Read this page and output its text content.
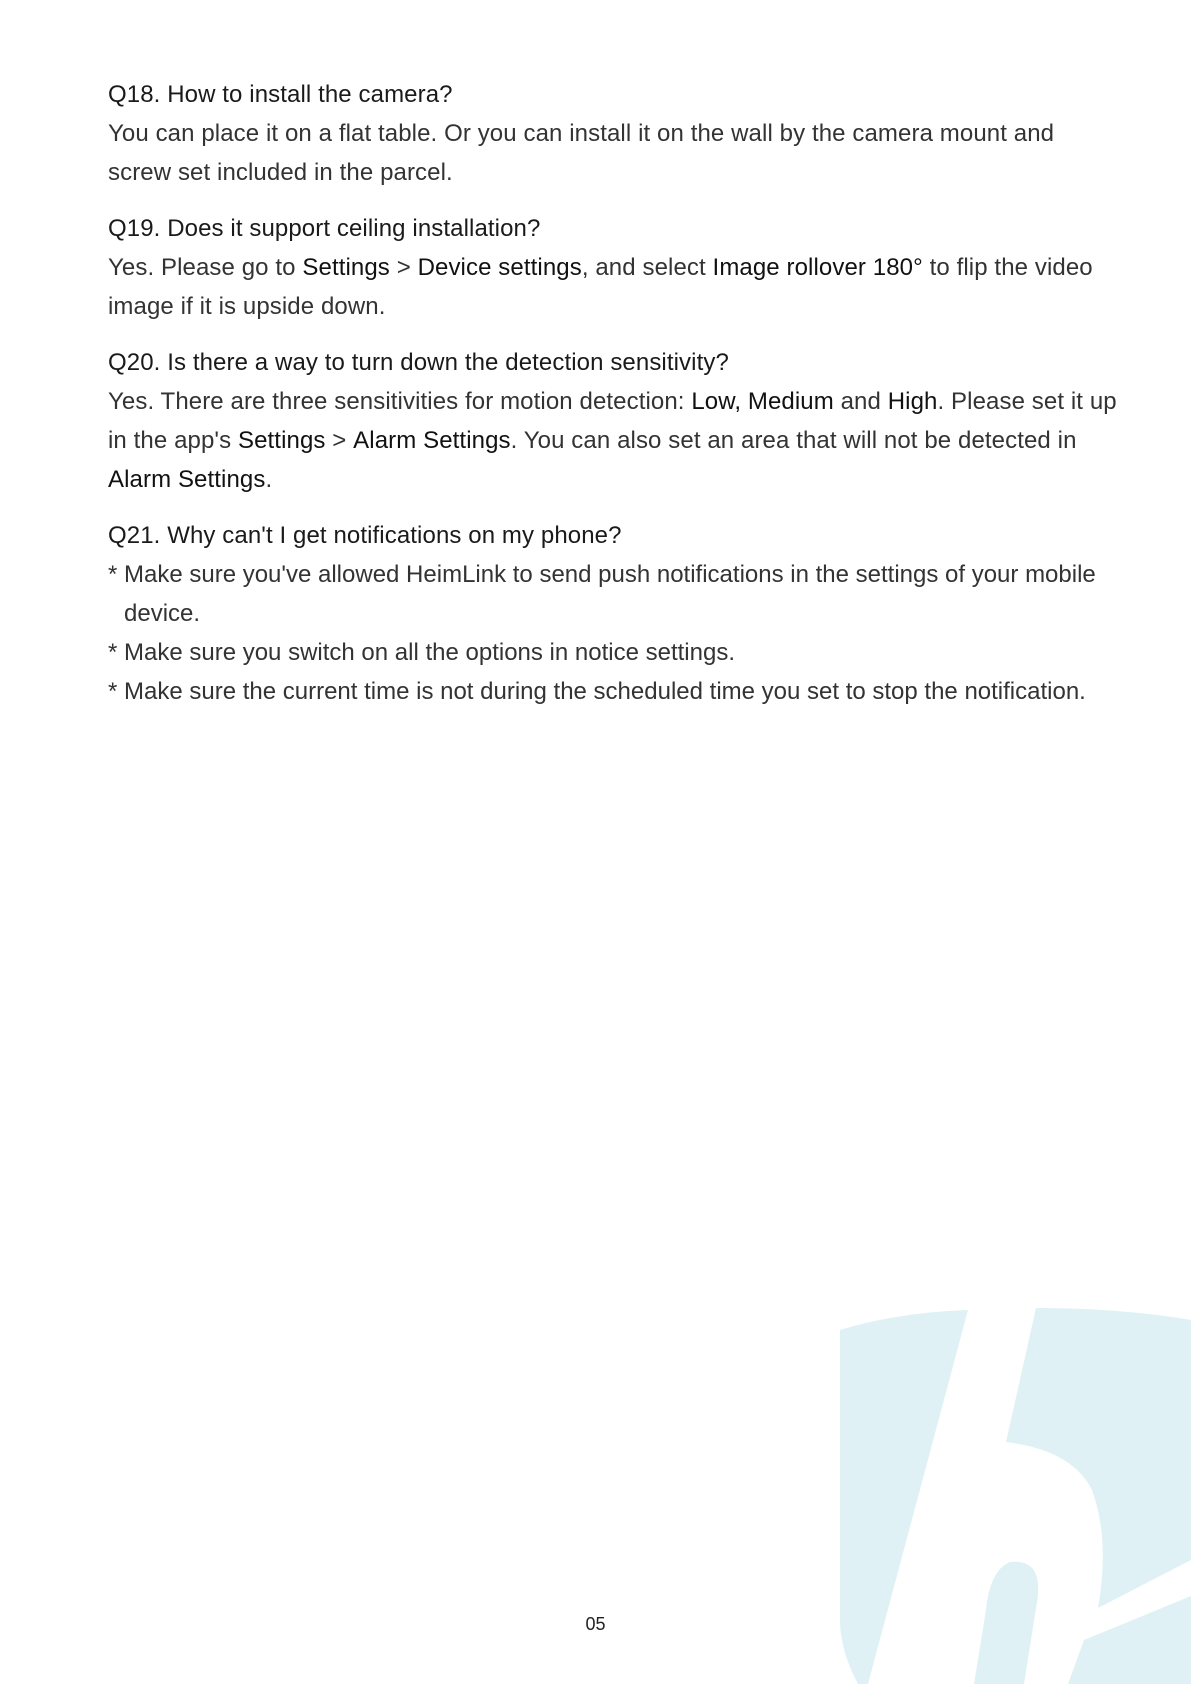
Q18. How to install the camera?
You can place it on a flat table. Or you can install it on the wall by the camera mount and screw set included in the parcel.
Q19. Does it support ceiling installation?
Yes. Please go to Settings > Device settings, and select Image rollover 180° to flip the video image if it is upside down.
Q20. Is there a way to turn down the detection sensitivity?
Yes. There are three sensitivities for motion detection: Low, Medium and High. Please set it up in the app's Settings > Alarm Settings. You can also set an area that will not be detected in Alarm Settings.
Q21. Why can't I get notifications on my phone?
* Make sure you've allowed HeimLink to send push notifications in the settings of your mobile device.
* Make sure you switch on all the options in notice settings.
* Make sure the current time is not during the scheduled time you set to stop the notification.
05
